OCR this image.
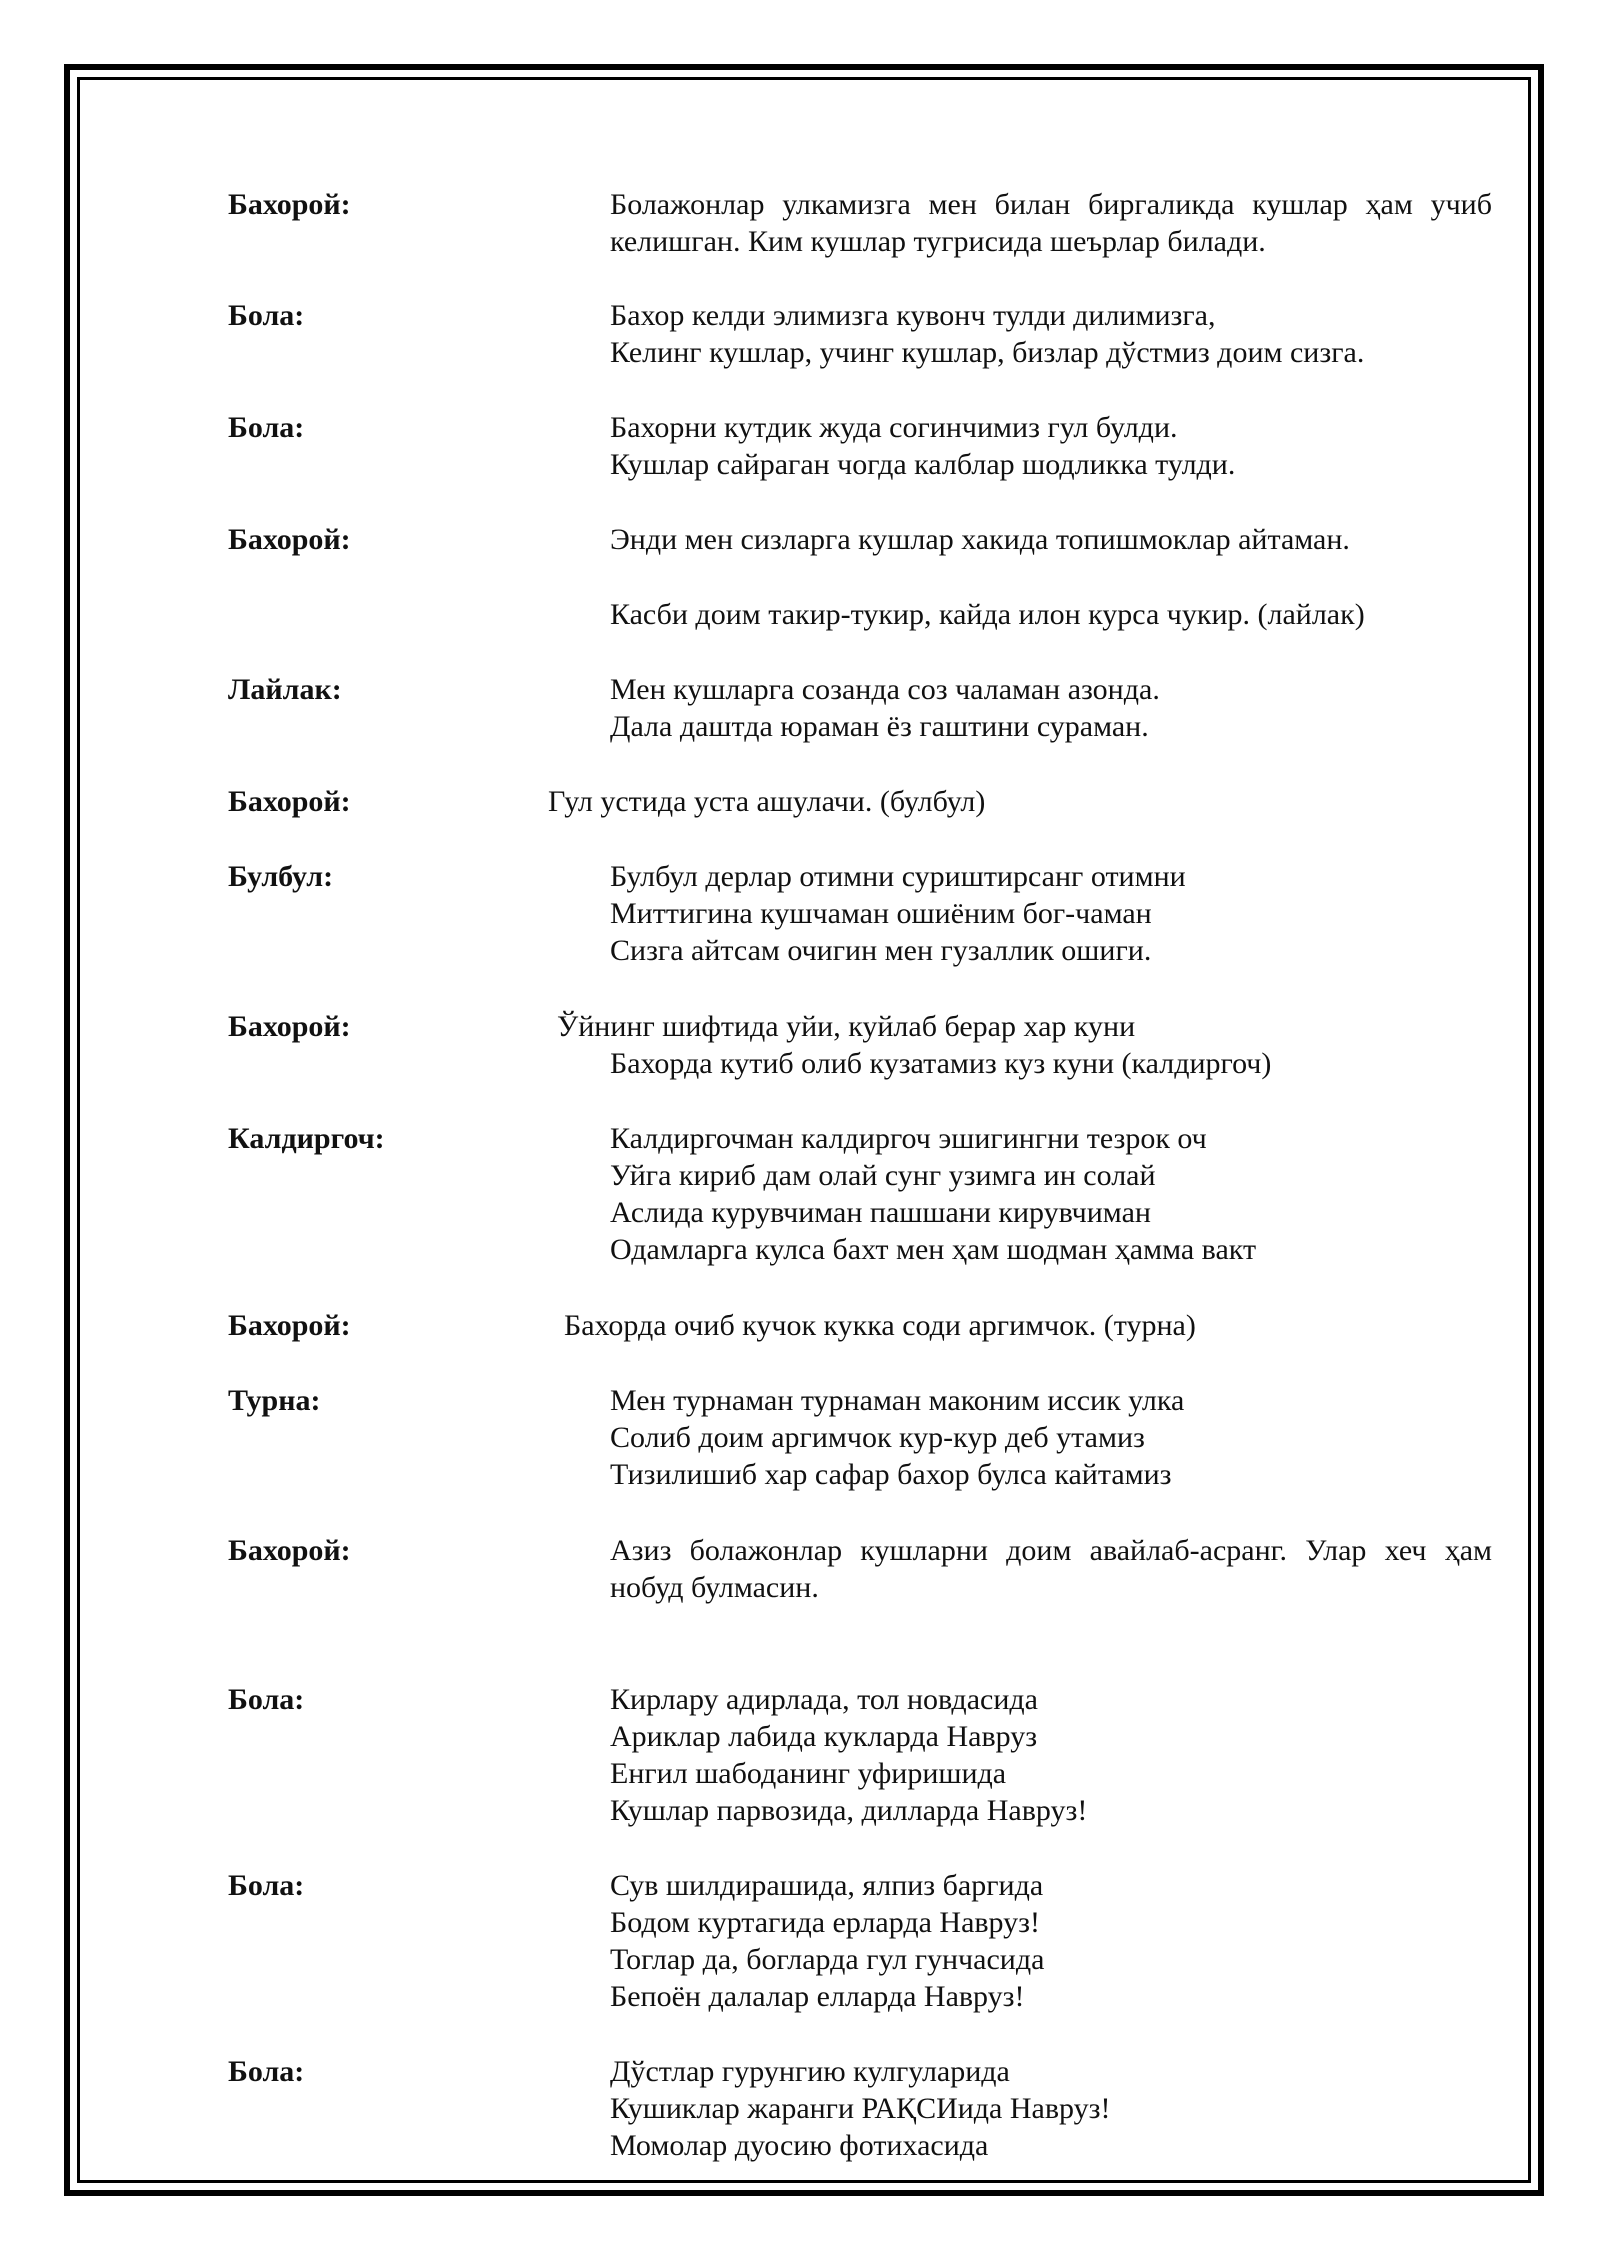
Бахорой:	Болажонлар улкамизга мен билан биргаликда кушлар ҳам учиб келишган. Ким кушлар тугрисида шеърлар билади.
Бола:	Бахор келди элимизга кувонч тулди дилимизга,
Келинг кушлар, учинг кушлар, бизлар дўстмиз доим сизга.
Бола:	Бахорни кутдик жуда согинчимиз гул булди.
Кушлар сайраган чогда калблар шодликка тулди.
Бахорой:	Энди мен сизларга кушлар хакида топишмоклар айтаман.
Касби доим такир-тукир, кайда илон курса чукир. (лайлак)
Лайлак:	Мен кушларга созанда соз чаламан азонда.
Дала даштда юраман ёз гаштини сураман.
Бахорой:	Гул устида уста ашулачи. (булбул)
Булбул:	Булбул дерлар отимни суриштирсанг отимни
Миттигина кушчаман ошиёним бог-чаман
Сизга айтсам очигин мен гузаллик ошиги.
Бахорой:	Ўйнинг шифтида уйи, куйлаб берар хар куни
Бахорда кутиб олиб кузатамиз куз куни (калдиргоч)
Калдиргоч:	Калдиргочман калдиргоч эшигингни тезрок оч
Уйга кириб дам олай сунг узимга ин солай
Аслида курувчиман пашшани кирувчиман
Одамларга кулса бахт мен ҳам шодман ҳамма вакт
Бахорой:	Бахорда очиб кучок кукка соди аргимчок. (турна)
Турна:	Мен турнаман турнаман маконим иссик улка
Солиб доим аргимчок кур-кур деб утамиз
Тизилишиб хар сафар бахор булса кайтамиз
Бахорой:	Азиз болажонлар кушларни доим авайлаб-асранг. Улар хеч ҳам нобуд булмасин.
Бола:	Кирлару адирлада, тол новдасида
Ариклар лабида кукларда Навруз
Енгил шабоданинг уфиришида
Кушлар парвозида, дилларда Навруз!
Бола:	Сув шилдирашида, ялпиз баргида
Бодом куртагида ерларда Навруз!
Тоглар да, богларда гул гунчасида
Бепоён далалар елларда Навруз!
Бола:	Дўстлар гурунгию кулгуларида
Кушиклар жаранги РАҚСИида Навруз!
Момолар дуосию фотихасида
